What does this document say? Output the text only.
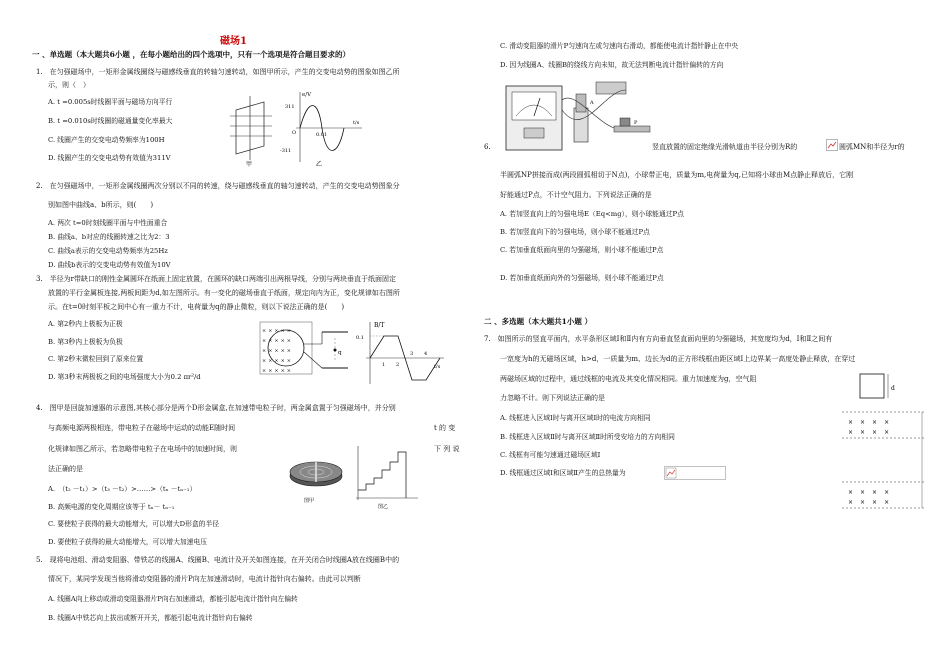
磁场1
一 、单选题（本大题共6小题 ，在每小题给出的四个选项中，只有一个选项是符合题目要求的）
1.　在匀强磁场中，一矩形金属线圈绕与磁感线垂直的转轴匀速转动，如图甲所示，产生的交变电动势的图象如图乙所
示，则（　）
A. t =0.005s时线圈平面与磁场方向平行
B. t =0.010s时线圈的磁通量变化率最大
C. 线圈产生的交变电动势频率为100H
D. 线圈产生的交变电动势有效值为311V
甲
e/V
311
-311
0.01
t/s
O
乙
2.　在匀强磁场中，一矩形金属线圈两次分别以不同的转速，绕与磁感线垂直的轴匀速转动，产生的交变电动势图象分
别如图中曲线a、b所示，则(　　)
A. 两次 t=0时刻线圈平面与中性面重合
B. 曲线a、b对应的线圈转速之比为2：3
C. 曲线a表示的交变电动势频率为25Hz
D. 曲线b表示的交变电动势有效值为10V
3.　半径为r带缺口的刚性金属圆环在纸面上固定放置，在圆环的缺口两端引出两根导线，分别与两块垂直于纸面固定
放置的平行金属板连接,两板间距为d,如左图所示。有一变化的磁场垂直于纸面，规定向内为正，变化规律如右图所
示。在t=0时刻平板之间中心有一重力不计，电荷量为q的静止微粒，则以下说法正确的是(　　)
A. 第2秒内上极板为正极
B. 第3秒内上极板为负极
C. 第2秒末微粒回到了原来位置
D. 第3秒末两极板之间的电场强度大小为0.2 πr²/d
×××××
×××××
×××××
×××××
×××××
q
B/T
0.1
1 2
3 4
t/s
4.　图甲是回旋加速器的示意图,其核心部分是两个D形金属盒,在加速带电粒子时，两金属盒置于匀强磁场中，并分别
与高频电源两极相连，带电粒子在磁场中运动的动能E随时间	t 的 变
化规律如图乙所示，若忽略带电粒子在电场中的加速时间，则	下 列 说
法正确的是
A.　（t₂ －t₁）>（t₃ －t₂）>……>（tₙ －tₙ₋₁）
B. 高频电源的变化周期应该等于 tₙ－ tₙ₋₁
C. 要使粒子获得的最大动能增大，可以增大D形盒的半径
D. 要使粒子获得的最大动能增大，可以增大加速电压
图甲
图乙
5.　现将电池组、滑动变阻器、带铁芯的线圈A、线圈B、电流计及开关如图连接，在开关闭合时线圈A放在线圈B中的
情况下，某同学发现当他将滑动变阻器的滑片P向左加速滑动时，电流计指针向右偏转。由此可以判断
A. 线圈A向上移动或滑动变阻器滑片P向右加速滑动，都能引起电流计指针向左偏转
B. 线圈A中铁芯向上拔出或断开开关，都能引起电流计指针向右偏转
C. 滑动变阻器的滑片P匀速向左或匀速向右滑动，都能使电流计指针静止在中央
D. 因为线圈A、线圈B的绕线方向未知，故无法判断电流计指针偏转的方向
A
P
6.	竖直放置的固定绝缘光滑轨道由半径分别为R的	圆弧MN和半径为r的
半圆弧NP拼接而成(两段圆弧相切于N点)，小球带正电，质量为m,电荷量为q,已知将小球由M点静止释放后，它刚
好能通过P点，不计空气阻力。下列说法正确的是
A. 若加竖直向上的匀强电场E（Eq<mg），则小球能通过P点
B. 若加竖直向下的匀强电场，则小球不能通过P点
C. 若加垂直纸面向里的匀强磁场，则小球不能通过P点
D. 若加垂直纸面向外的匀强磁场，则小球不能通过P点
二 、多选题（本大题共1小题 ）
7.　如图所示的竖直平面内，水平条形区域Ⅰ和Ⅱ内有方向垂直竖直面向里的匀强磁场，其宽度均为d，Ⅰ和Ⅱ之间有
一宽度为h的无磁场区域，h>d，一质量为m、边长为d的正方形线框由距区域Ⅰ上边界某一高度处静止释放，在穿过
两磁场区域的过程中，通过线框的电流及其变化情况相同。重力加速度为g，空气阻
力忽略不计。则下列说法正确的是
A. 线框进入区域Ⅰ时与离开区域Ⅰ时的电流方向相同
B. 线框进入区域Ⅱ时与离开区域Ⅱ时所受安培力的方向相同
C. 线框有可能匀速通过磁场区域Ⅰ
D. 线框通过区域Ⅰ和区域Ⅱ产生的总热量为
d
××××
××××
××××
××××
